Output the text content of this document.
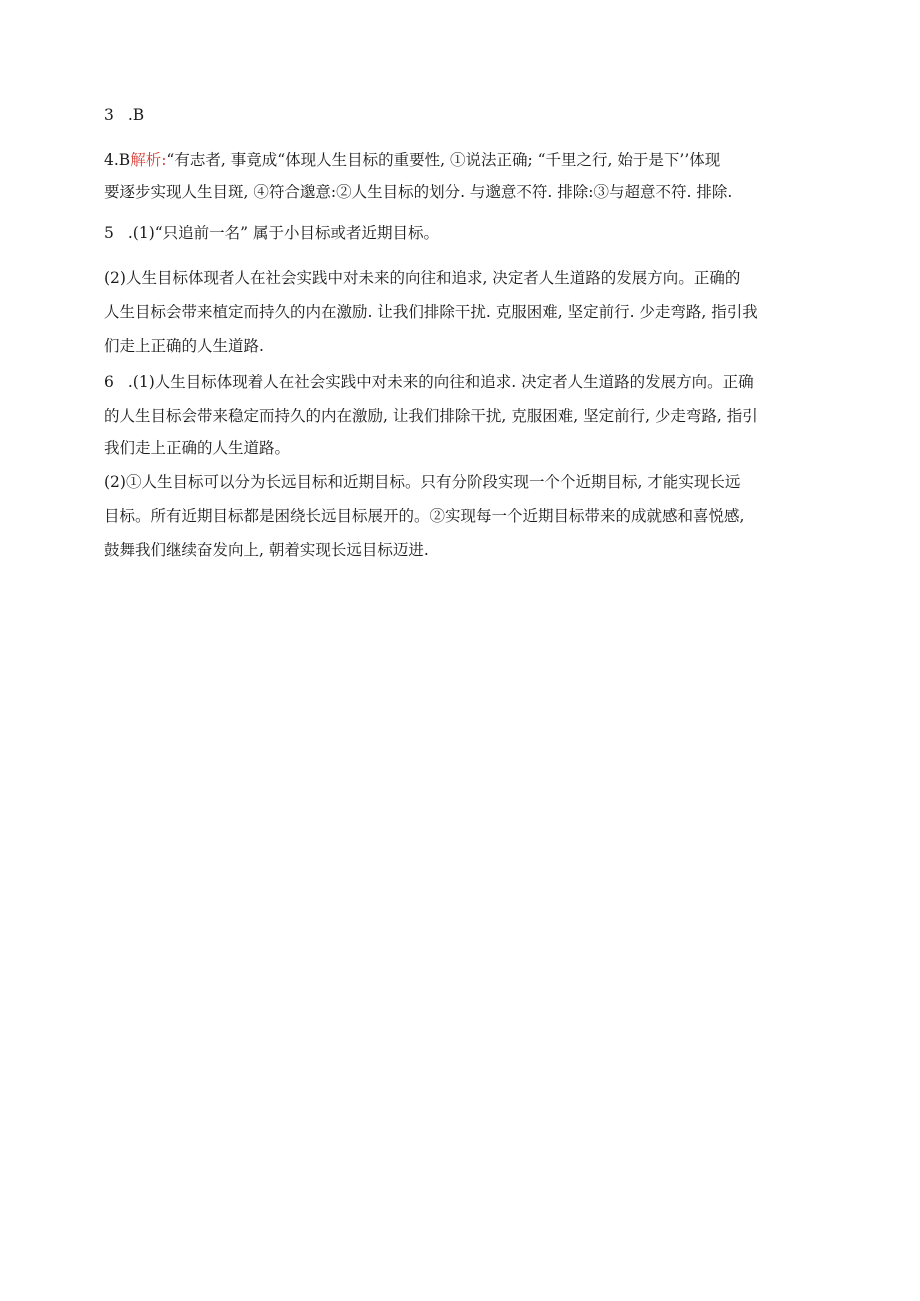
3 .B
4.B解析:“有志者, 事竟成“体现人生目标的重要性, ①说法正确; “千里之行, 始于是下’’体现
要逐步实现人生目斑, ④符合邈意:②人生目标的划分. 与邈意不符. 排除:③与超意不符. 排除.
5 .(1)“只追前一名” 属于小目标或者近期目标。
(2)人生目标体现者人在社会实践中对未来的向往和追求, 决定者人生道路的发展方向。正确的
人生目标会带来植定而持久的内在激励. 让我们排除干扰. 克服困难, 坚定前行. 少走弯路, 指引我
们走上正确的人生道路.
6 .(1)人生目标体现着人在社会实践中对未来的向往和追求. 决定者人生道路的发展方向。正确
的人生目标会带来稳定而持久的内在激励, 让我们排除干扰, 克服困难, 坚定前行, 少走弯路, 指引
我们走上正确的人生道路。
(2)①人生目标可以分为长远目标和近期目标。只有分阶段实现一个个近期目标, 才能实现长远
目标。所有近期目标都是困绕长远目标展开的。②实现每一个近期目标带来的成就感和喜悦感,
鼓舞我们继续奋发向上, 朝着实现长远目标迈进.
